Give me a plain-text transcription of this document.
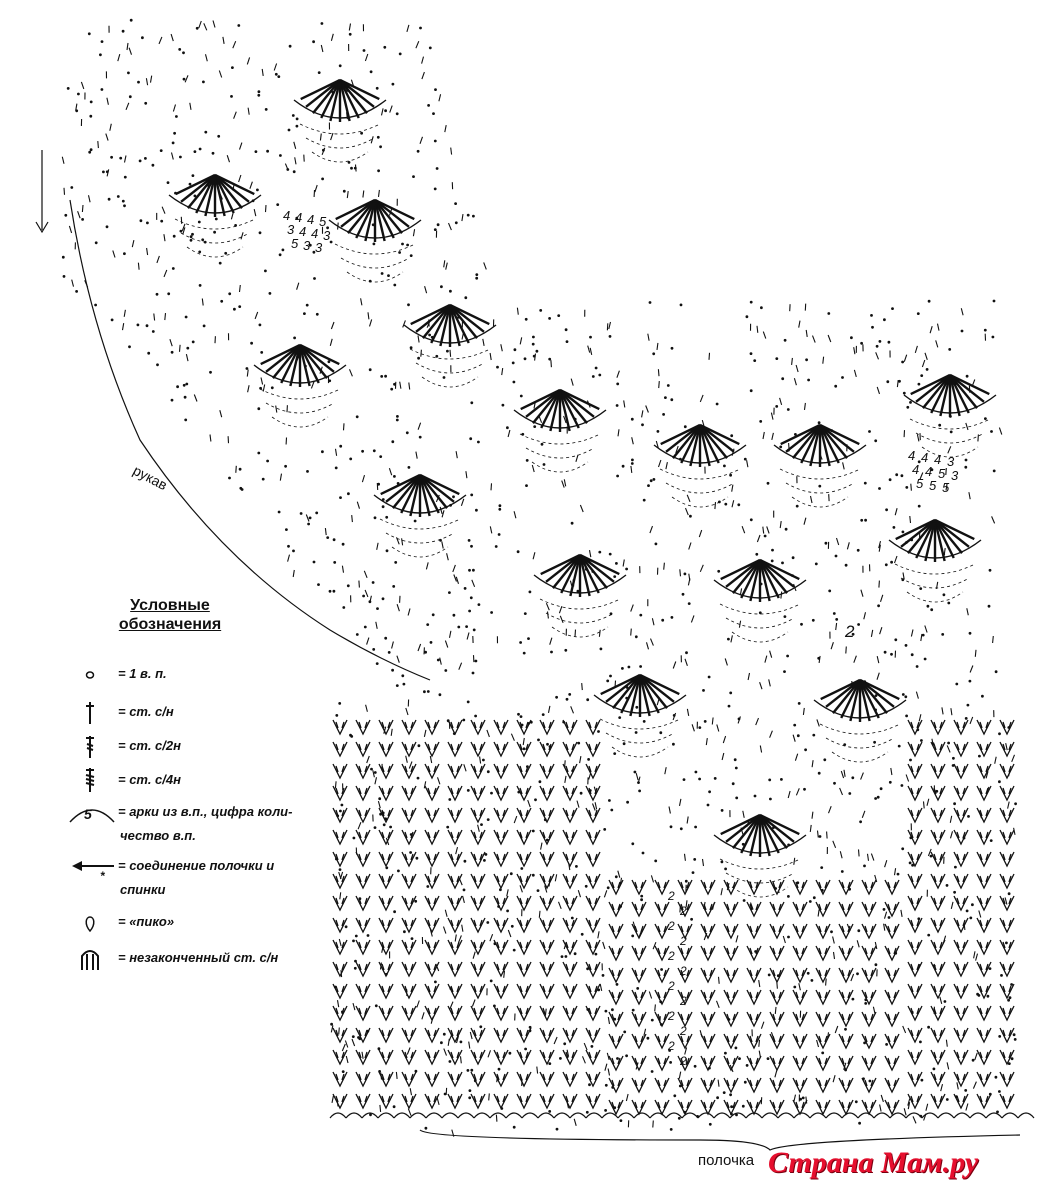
4 4 4 5
3 4 4 3
5 3 3
4 4 4 3
4 4 5 3
5 5 5
2
2
2
2
2
2
2
2
2
2
2
2
рукав
полочка Страна Мам.ру
2
Условные
обозначения
= 1 в. п.
= ст. с/н
= ст. с/2н
= ст. с/4н
5 = арки из в.п., цифра коли-
чество в.п.
*
= соединение полочки и
спинки
= «пико»
= незаконченный ст. с/н
